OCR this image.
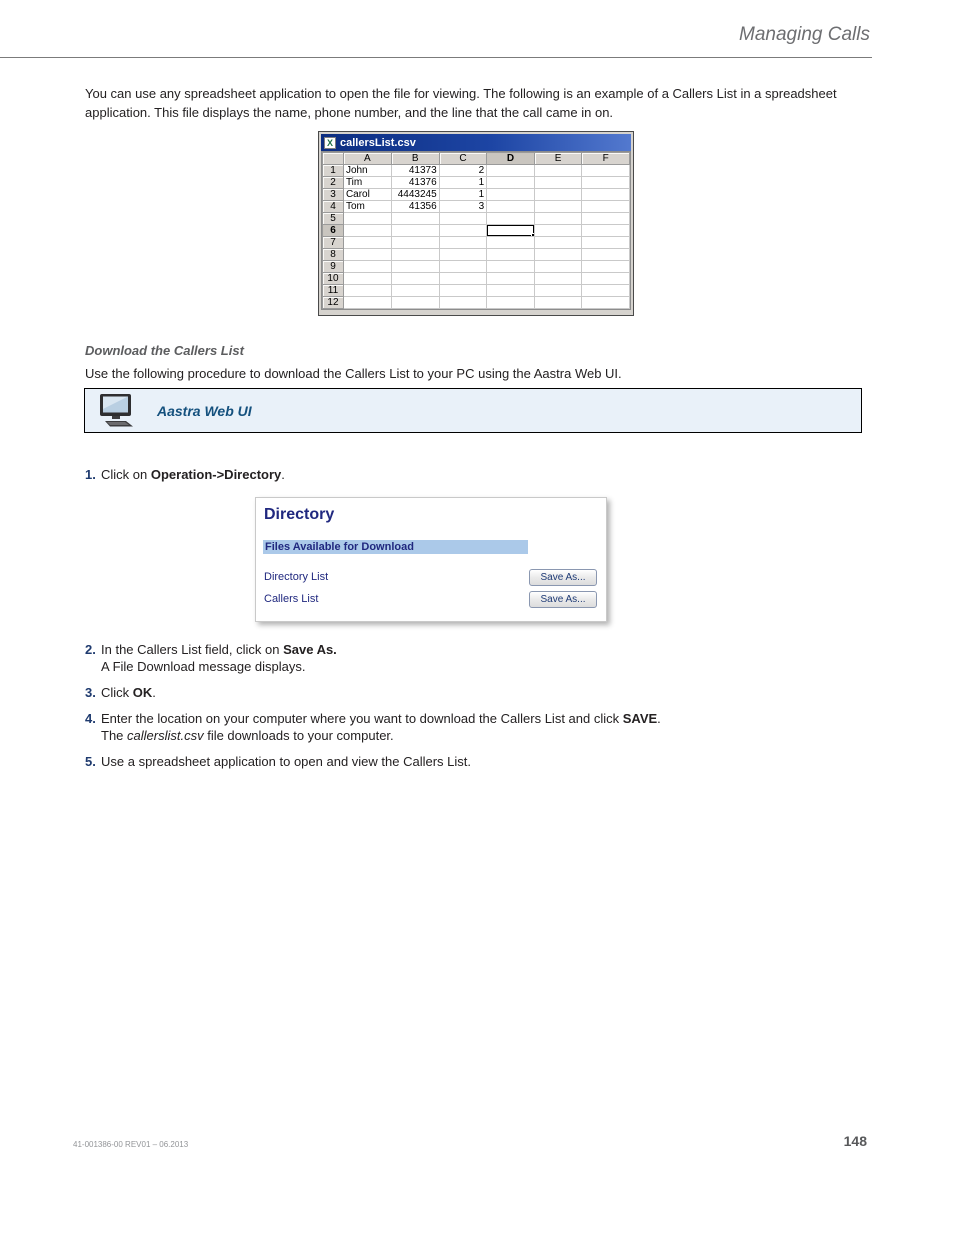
Managing Calls

You can use any spreadsheet application to open the file for viewing. The following is an example of a Callers List in a spreadsheet application. This file displays the name, phone number, and the line that the call came in on.

X callersList.csv
	A	B	C	D	E	F
1	John	41373	2			
2	Tim	41376	1			
3	Carol	4443245	1			
4	Tom	41356	3			
5						
6						
7						
8						
9						
10						
11						
12						
Download the Callers List
Use the following procedure to download the Callers List to your PC using the Aastra Web UI.
Aastra Web UI
1. Click on Operation->Directory.
Directory
Files Available for Download
Directory List	Save As...
Callers List	Save As...
2. In the Callers List field, click on Save As.
A File Download message displays.
3. Click OK.
4. Enter the location on your computer where you want to download the Callers List and click SAVE.
The callerslist.csv file downloads to your computer.
5. Use a spreadsheet application to open and view the Callers List.
41-001386-00 REV01 – 06.2013	148
